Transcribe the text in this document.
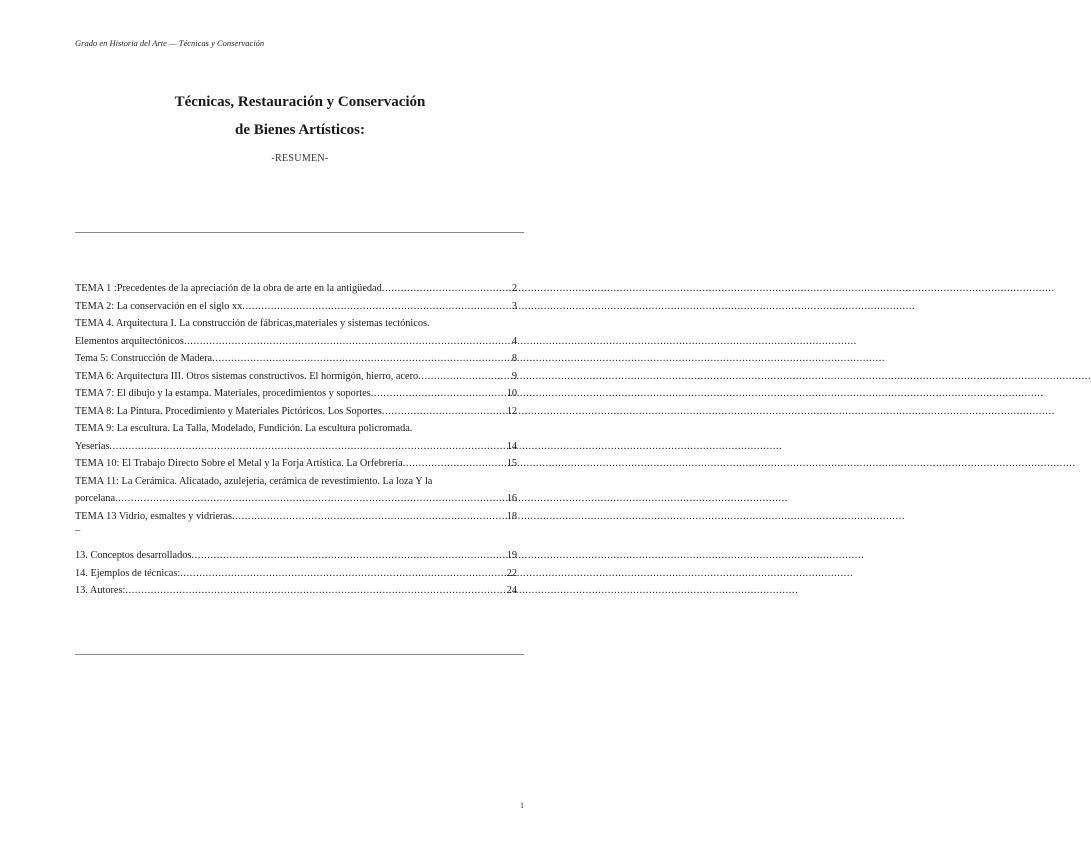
Grado en Historia del Arte — Técnicas y Conservación
Técnicas, Restauración y Conservación
de Bienes Artísticos:
-RESUMEN-
TEMA 1 :Precedentes de la apreciación de la obra de arte en la antigüedad .....	2
TEMA 2: La conservación en el siglo xx .....	3
TEMA 4. Arquitectura I. La construcción de fábricas,materiales y sistemas tectónicos.
Elementos arquitectónicos .....	4
Tema 5: Construcción de Madera .....	8
TEMA 6: Arquitectura III. Otros sistemas constructivos. El hormigón, hierro, acero .....	9
TEMA 7: El dibujo y la estampa. Materiales, procedimientos y soportes .....	10
TEMA 8: La Pintura. Procedimiento y Materiales Pictóricos. Los Soportes .....	12
TEMA 9: La escultura. La Talla, Modelado, Fundición. La escultura policromada.
Yeserías .....	14
TEMA 10: El Trabajo Directo Sobre el Metal y la Forja Artística. La Orfebrería .....	15
TEMA 11: La Cerámica. Alicatado, azulejería, cerámica de revestimiento. La loza Y la
porcelana .....	16
TEMA 13 Vidrio, esmaltes y vidrieras .....	18
–
13. Conceptos desarrollados .....	19
14. Ejemplos de técnicas: .....	22
13. Autores: .....	24
1
